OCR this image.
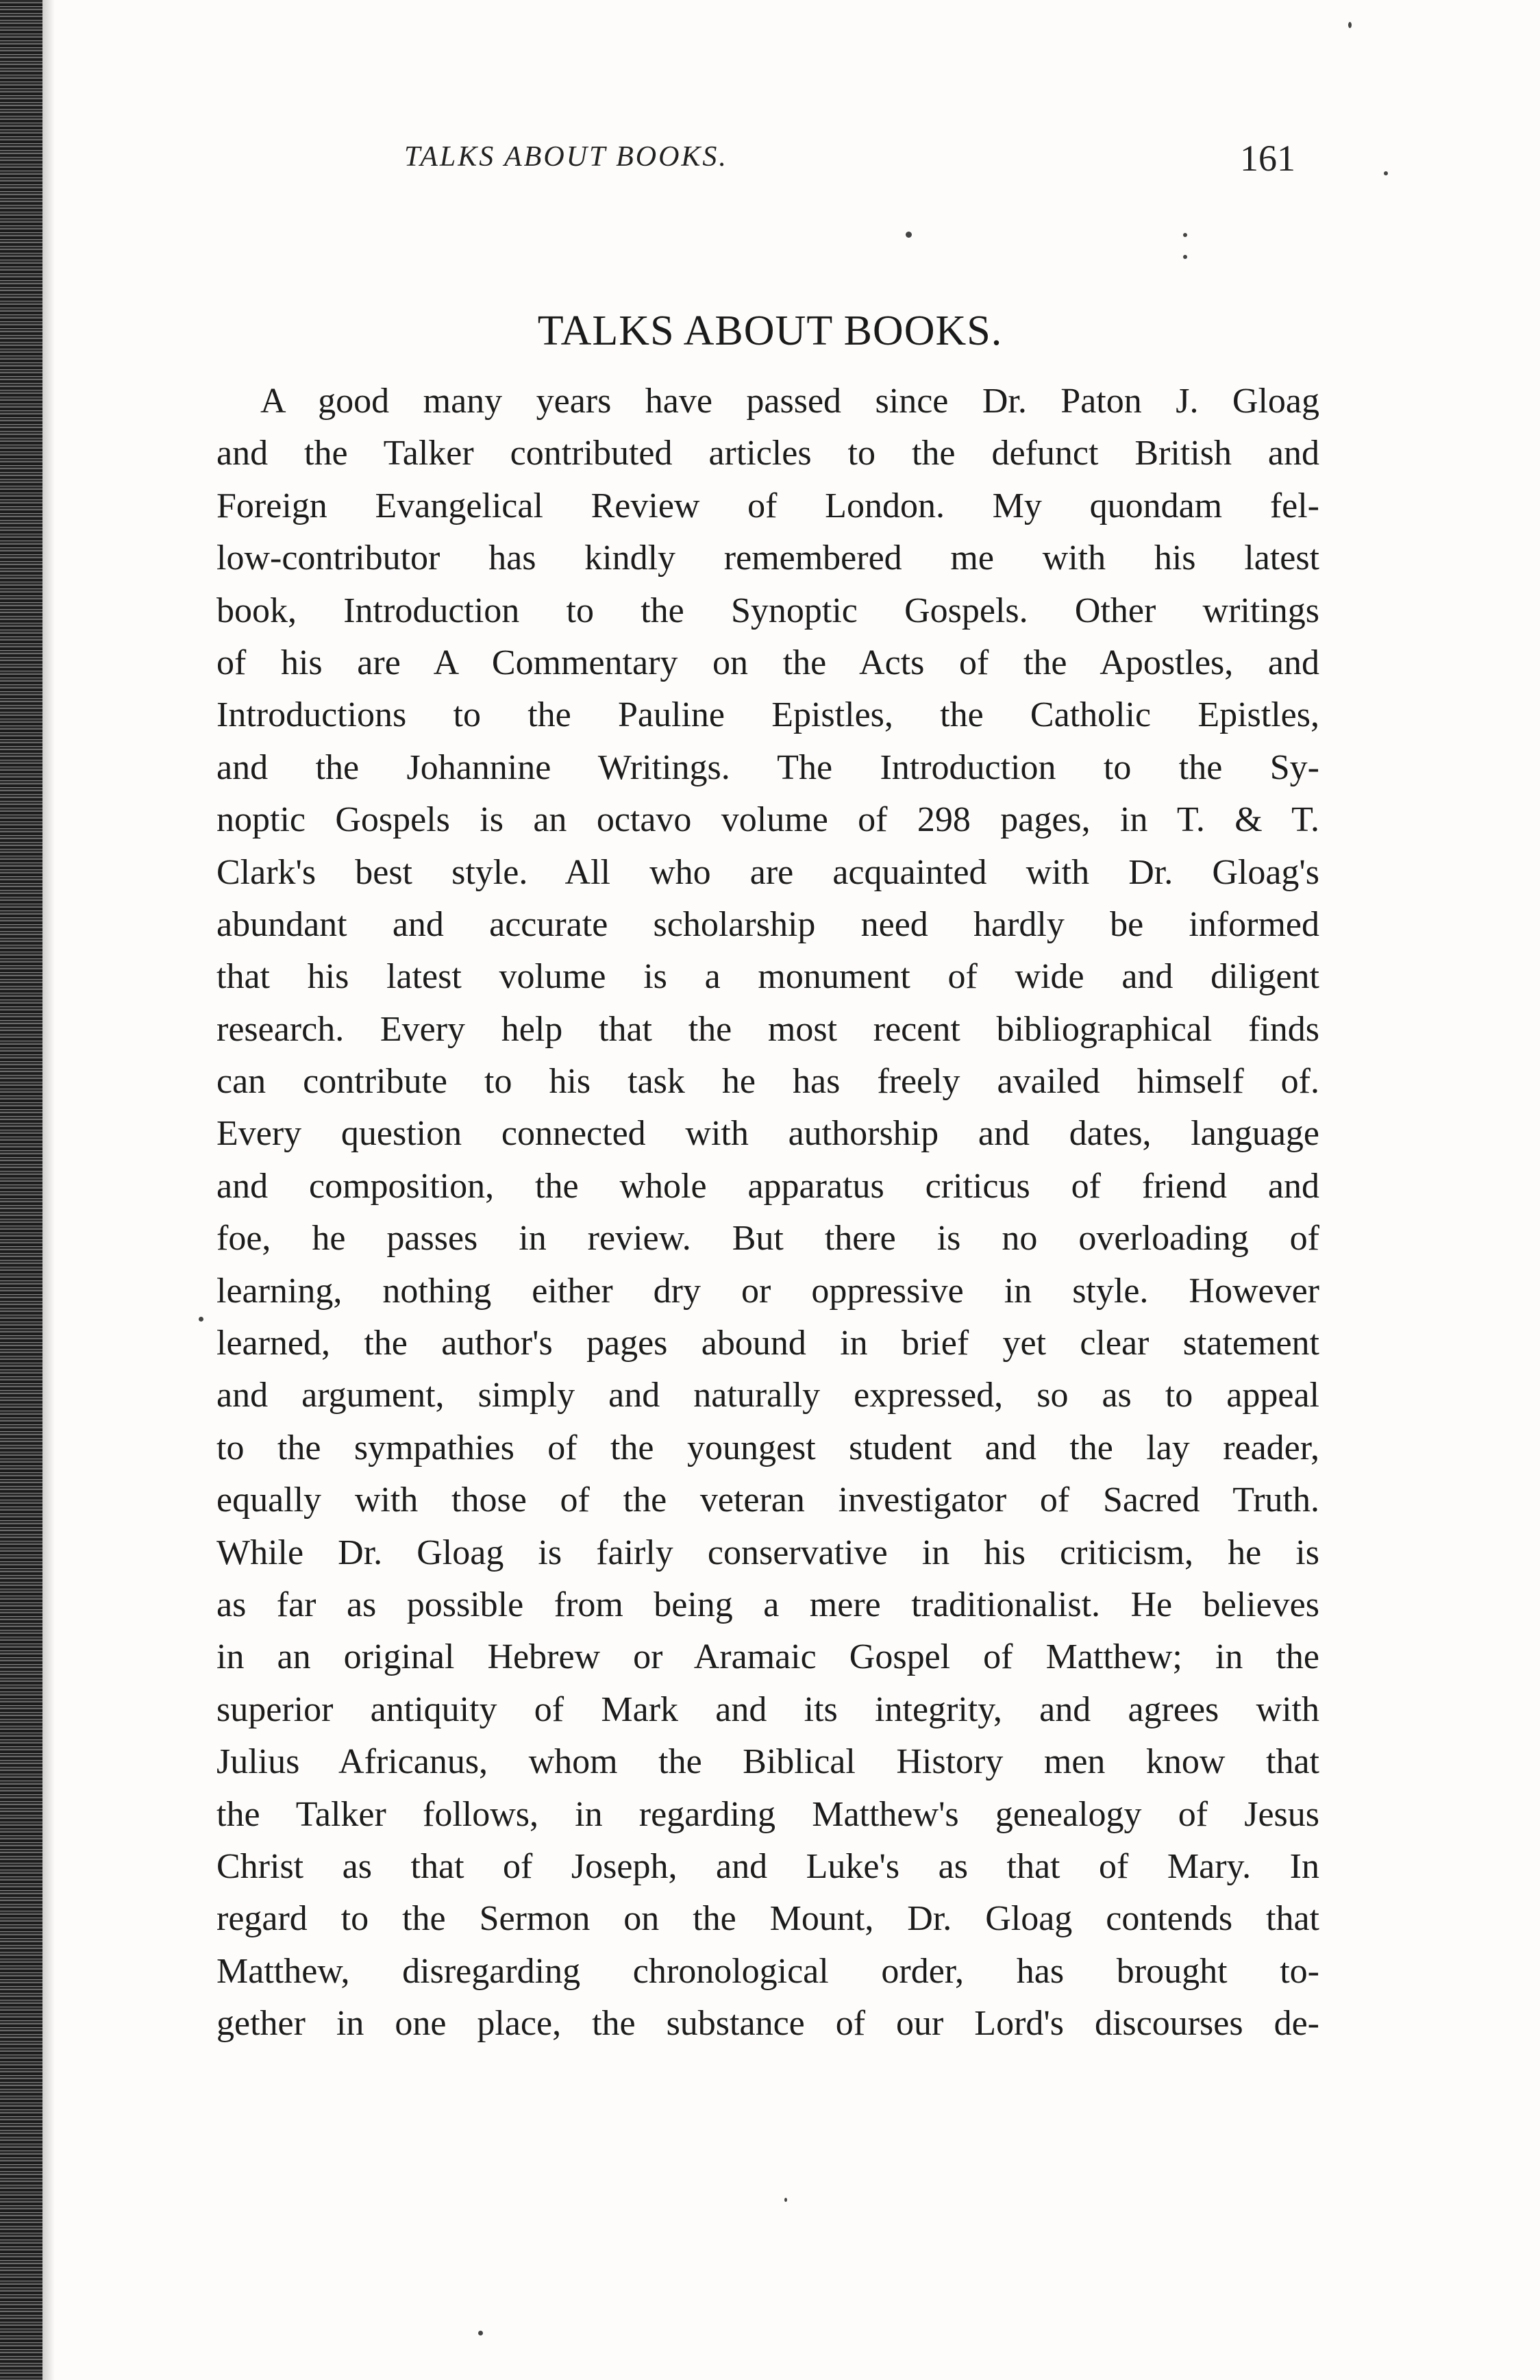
TALKS ABOUT BOOKS.	161
TALKS ABOUT BOOKS.
A good many years have passed since Dr. Paton J. Gloag
and the Talker contributed articles to the defunct British and
Foreign Evangelical Review of London. My quondam fel-
low-contributor has kindly remembered me with his latest
book, Introduction to the Synoptic Gospels. Other writings
of his are A Commentary on the Acts of the Apostles, and
Introductions to the Pauline Epistles, the Catholic Epistles,
and the Johannine Writings. The Introduction to the Sy-
noptic Gospels is an octavo volume of 298 pages, in T. & T.
Clark's best style. All who are acquainted with Dr. Gloag's
abundant and accurate scholarship need hardly be informed
that his latest volume is a monument of wide and diligent
research. Every help that the most recent bibliographical finds
can contribute to his task he has freely availed himself of.
Every question connected with authorship and dates, language
and composition, the whole apparatus criticus of friend and
foe, he passes in review. But there is no overloading of
learning, nothing either dry or oppressive in style. However
learned, the author's pages abound in brief yet clear statement
and argument, simply and naturally expressed, so as to appeal
to the sympathies of the youngest student and the lay reader,
equally with those of the veteran investigator of Sacred Truth.
While Dr. Gloag is fairly conservative in his criticism, he is
as far as possible from being a mere traditionalist. He believes
in an original Hebrew or Aramaic Gospel of Matthew; in the
superior antiquity of Mark and its integrity, and agrees with
Julius Africanus, whom the Biblical History men know that
the Talker follows, in regarding Matthew's genealogy of Jesus
Christ as that of Joseph, and Luke's as that of Mary. In
regard to the Sermon on the Mount, Dr. Gloag contends that
Matthew, disregarding chronological order, has brought to-
gether in one place, the substance of our Lord's discourses de-
